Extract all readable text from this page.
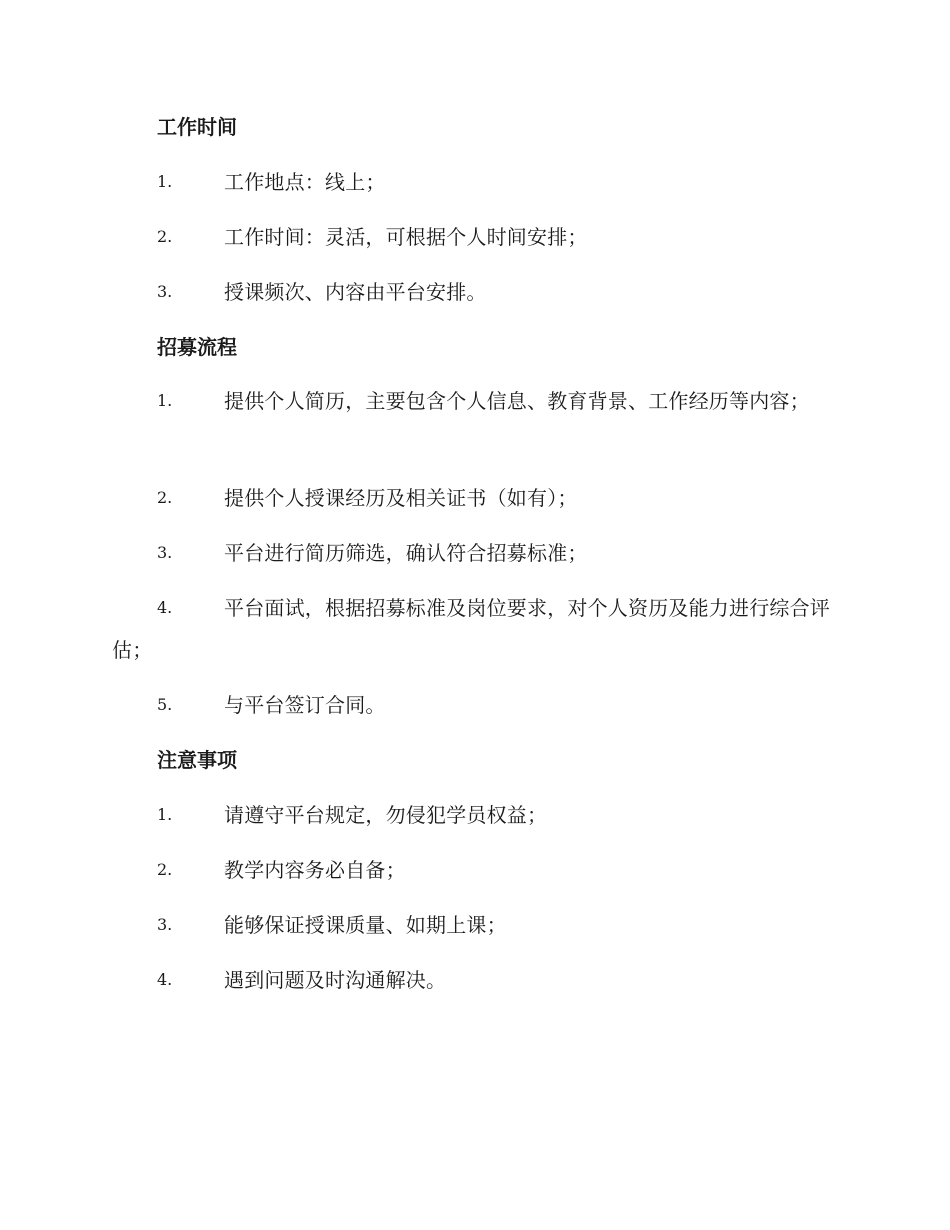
工作时间
1.	工作地点：线上；
2.	工作时间：灵活，可根据个人时间安排；
3.	授课频次、内容由平台安排。
招募流程
1.	提供个人简历，主要包含个人信息、教育背景、工作经历等内容；
2.	提供个人授课经历及相关证书（如有）；
3.	平台进行简历筛选，确认符合招募标准；
4.	平台面试，根据招募标准及岗位要求，对个人资历及能力进行综合评估；
5.	与平台签订合同。
注意事项
1.	请遵守平台规定，勿侵犯学员权益；
2.	教学内容务必自备；
3.	能够保证授课质量、如期上课；
4.	遇到问题及时沟通解决。
